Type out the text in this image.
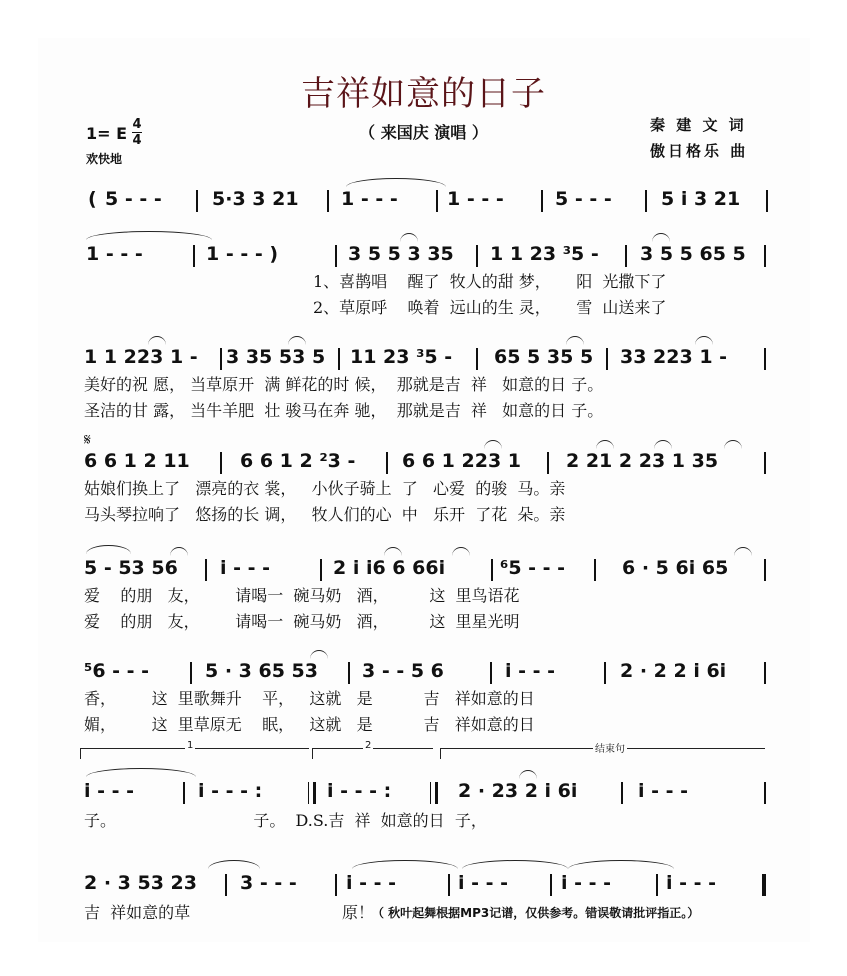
吉祥如意的日子
（ 来国庆 演唱 ）	秦 建 文 词
傲日格乐 曲
1= E 4
4
欢快地
( 5 - - -	5·3 3 21 1 - - -	1 - - -	5 - - -	5 i 3 21
1 - - -	1 - - - )	3 5 5 3 35 1 1 23 ³5 - 3 5 5 65 5
1、喜鹊唱    醒了  牧人的甜 梦，     阳  光撒下了
2、草原呼    唤着  远山的生 灵，     雪  山送来了
1 1 223 1 - 3 35 53 5 11 23 ³5 - 65 5 35 5 33 223 1 -
美好的祝 愿， 当草原开  满 鲜花的时 候，  那就是吉  祥   如意的日 子。
圣洁的甘 露， 当牛羊肥  壮 骏马在奔 驰，  那就是吉  祥   如意的日 子。
𝄋
6 6 1 2 11	6 6 1 2 ²3 - 6 6 1 223 1 2 21 2 23 1 35
姑娘们换上了   漂亮的衣 裳，   小伙子骑上  了   心爱  的骏  马。亲
马头琴拉响了   悠扬的长 调，   牧人们的心  中   乐开  了花  朵。亲
5 - 53 56 i - - -	2 i i6 6 66i	⁶5 - - -	6 · 5 6i 65
爱    的朋   友，       请喝一  碗马奶   酒，        这  里鸟语花
爱    的朋   友，       请喝一  碗马奶   酒，        这  里星光明
⁵6 - - -	5 · 3 65 53 3 - - 5 6	i - - -	2 · 2 2 i 6i
香，       这  里歌舞升    平，   这就   是          吉   祥如意的日
媚，       这  里草原无    眠，   这就   是          吉   祥如意的日
1	2	结束句
i - - -	i - - - :	i - - - :	2 · 23 2 i 6i	i - - -
子。                           子。  D.S.吉  祥  如意的日  子，
2 · 3 53 23 3 - - -	i - - -	i - - -	i - - -	i - - -
吉  祥如意的草	原！
（ 秋叶起舞根据MP3记谱，仅供参考。错误敬请批评指正。）
